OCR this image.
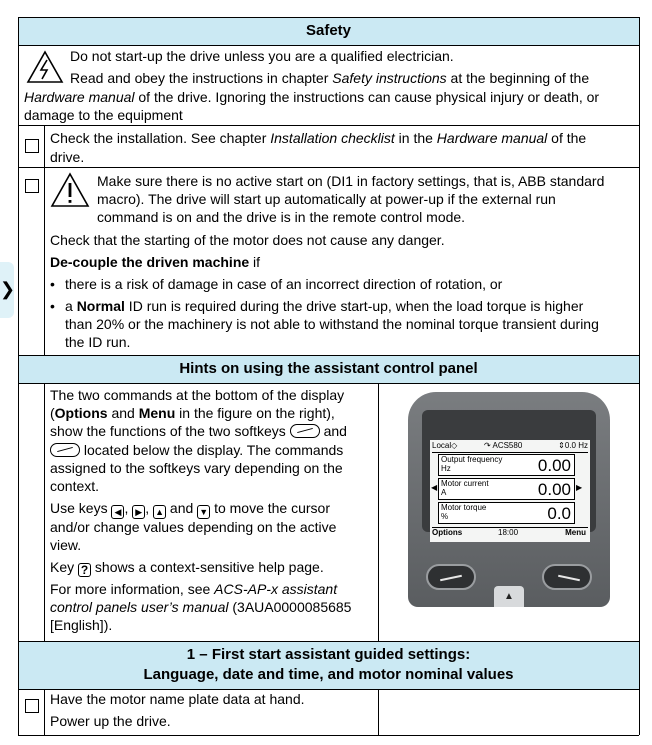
❯
Safety
Do not start-up the drive unless you are a qualified electrician.
Read and obey the instructions in chapter Safety instructions at the beginning of the
Hardware manual of the drive. Ignoring the instructions can cause physical injury or death, or
damage to the equipment
Check the installation. See chapter Installation checklist in the Hardware manual of the
drive.
Make sure there is no active start on (DI1 in factory settings, that is, ABB standard
macro). The drive will start up automatically at power-up if the external run
command is on and the drive is in the remote control mode.
Check that the starting of the motor does not cause any danger.
De-couple the driven machine if
• there is a risk of damage in case of an incorrect direction of rotation, or
• a Normal ID run is required during the drive start-up, when the load torque is higher
than 20% or the machinery is not able to withstand the nominal torque transient during
the ID run.
Hints on using the assistant control panel
The two commands at the bottom of the display
(Options and Menu in the figure on the right),
show the functions of the two softkeys	and
located below the display. The commands
assigned to the softkeys vary depending on the
context.
Use keys ◀ , ▶ , ▲ and ▼ to move the cursor
and/or change values depending on the active
view.
Key ? shows a context-sensitive help page.
For more information, see ACS-AP-x assistant
control panels user’s manual (3AUA0000085685
[English]).
Local◇	↷ ACS580	⇕0.0 Hz
Output frequency
Hz	0.00
Motor current
A	0.00
◀	▶
Motor torque
%	0.0
Options	18:00	Menu
▲
1 – First start assistant guided settings:
Language, date and time, and motor nominal values
Have the motor name plate data at hand.
Power up the drive.
